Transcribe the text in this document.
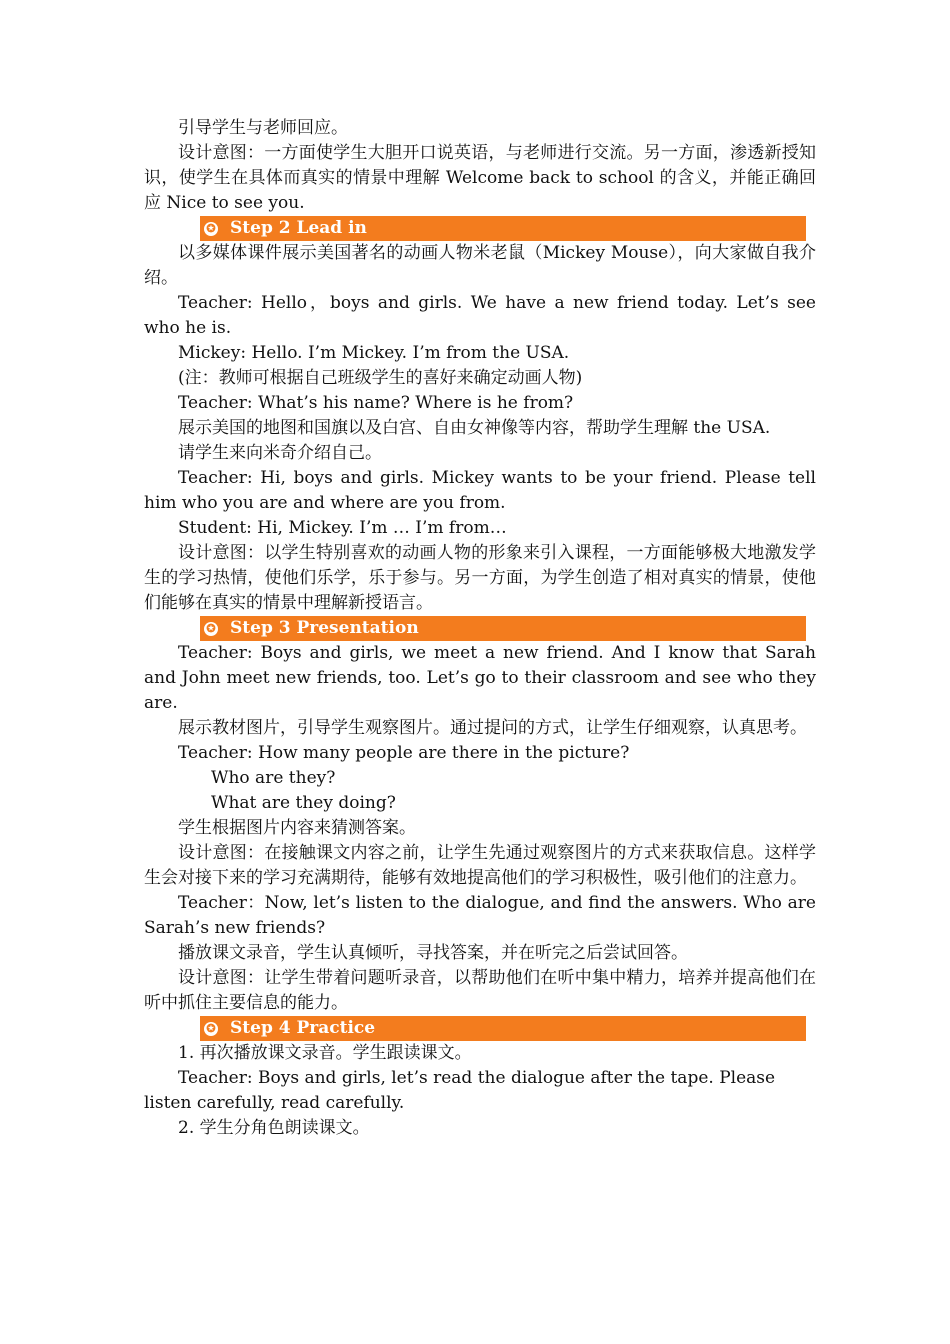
引导学生与老师回应。

设计意图：一方面使学生大胆开口说英语，与老师进行交流。另一方面，渗透新授知识，使学生在具体而真实的情景中理解 Welcome back to school 的含义，并能正确回应 Nice to see you.

✪ Step 2 Lead in

以多媒体课件展示美国著名的动画人物米老鼠（Mickey Mouse），向大家做自我介绍。

Teacher: Hello，boys and girls. We have a new friend today. Let’s see who he is.

Mickey: Hello. I’m Mickey. I’m from the USA.

(注：教师可根据自己班级学生的喜好来确定动画人物)

Teacher: What’s his name? Where is he from?

展示美国的地图和国旗以及白宫、自由女神像等内容，帮助学生理解 the USA.

请学生来向米奇介绍自己。

Teacher: Hi, boys and girls. Mickey wants to be your friend. Please tell him who you are and where are you from.

Student: Hi, Mickey. I’m … I’m from…

设计意图：以学生特别喜欢的动画人物的形象来引入课程，一方面能够极大地激发学生的学习热情，使他们乐学，乐于参与。另一方面，为学生创造了相对真实的情景，使他们能够在真实的情景中理解新授语言。

✪ Step 3 Presentation

Teacher: Boys and girls, we meet a new friend. And I know that Sarah and John meet new friends, too. Let’s go to their classroom and see who they are.

展示教材图片，引导学生观察图片。通过提问的方式，让学生仔细观察，认真思考。

Teacher: How many people are there in the picture?

Who are they?

What are they doing?

学生根据图片内容来猜测答案。

设计意图：在接触课文内容之前，让学生先通过观察图片的方式来获取信息。这样学生会对接下来的学习充满期待，能够有效地提高他们的学习积极性，吸引他们的注意力。

Teacher：Now, let’s listen to the dialogue, and find the answers. Who are Sarah’s new friends?

播放课文录音，学生认真倾听，寻找答案，并在听完之后尝试回答。

设计意图：让学生带着问题听录音，以帮助他们在听中集中精力，培养并提高他们在听中抓住主要信息的能力。

✪ Step 4 Practice

1. 再次播放课文录音。学生跟读课文。

Teacher: Boys and girls, let’s read the dialogue after the tape. Please listen carefully, read carefully.

2. 学生分角色朗读课文。
